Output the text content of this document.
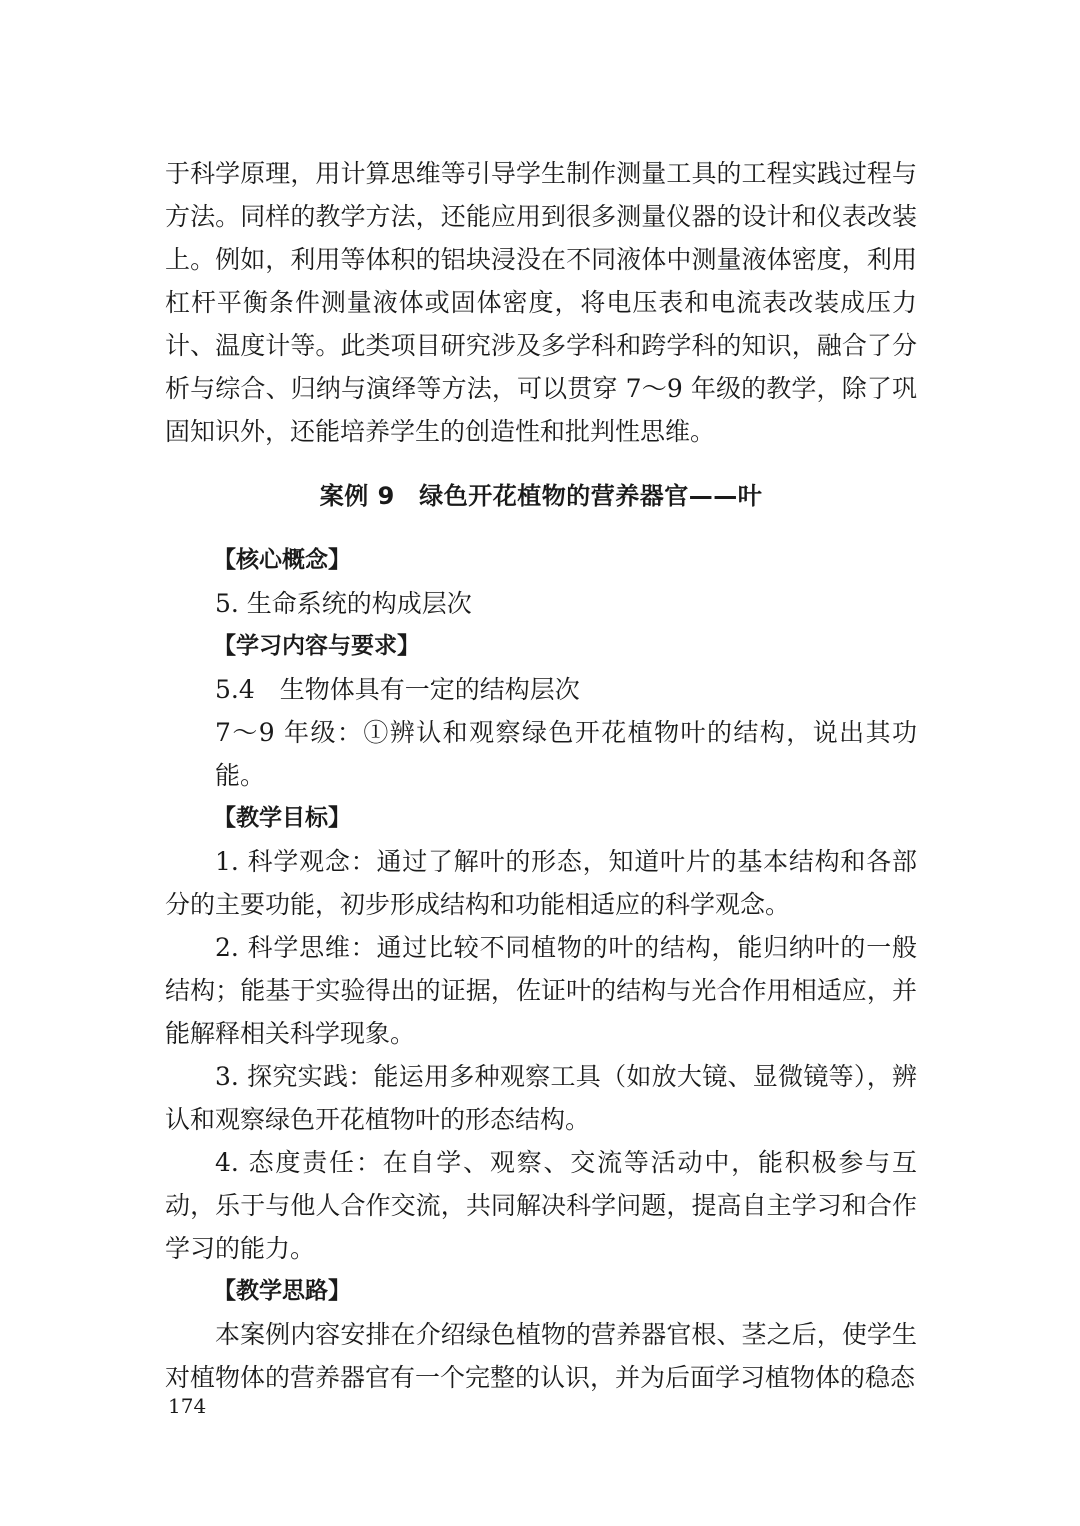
于科学原理，用计算思维等引导学生制作测量工具的工程实践过程与方法。同样的教学方法，还能应用到很多测量仪器的设计和仪表改装上。例如，利用等体积的铝块浸没在不同液体中测量液体密度，利用杠杆平衡条件测量液体或固体密度，将电压表和电流表改装成压力计、温度计等。此类项目研究涉及多学科和跨学科的知识，融合了分析与综合、归纳与演绎等方法，可以贯穿 7～9 年级的教学，除了巩固知识外，还能培养学生的创造性和批判性思维。

案例 9　绿色开花植物的营养器官——叶
【核心概念】

5. 生命系统的构成层次

【学习内容与要求】

5.4　生物体具有一定的结构层次

7～9 年级：①辨认和观察绿色开花植物叶的结构，说出其功能。

【教学目标】

1. 科学观念：通过了解叶的形态，知道叶片的基本结构和各部分的主要功能，初步形成结构和功能相适应的科学观念。

2. 科学思维：通过比较不同植物的叶的结构，能归纳叶的一般结构；能基于实验得出的证据，佐证叶的结构与光合作用相适应，并能解释相关科学现象。

3. 探究实践：能运用多种观察工具（如放大镜、显微镜等），辨认和观察绿色开花植物叶的形态结构。

4. 态度责任：在自学、观察、交流等活动中，能积极参与互动，乐于与他人合作交流，共同解决科学问题，提高自主学习和合作学习的能力。

【教学思路】

本案例内容安排在介绍绿色植物的营养器官根、茎之后，使学生对植物体的营养器官有一个完整的认识，并为后面学习植物体的稳态

174
